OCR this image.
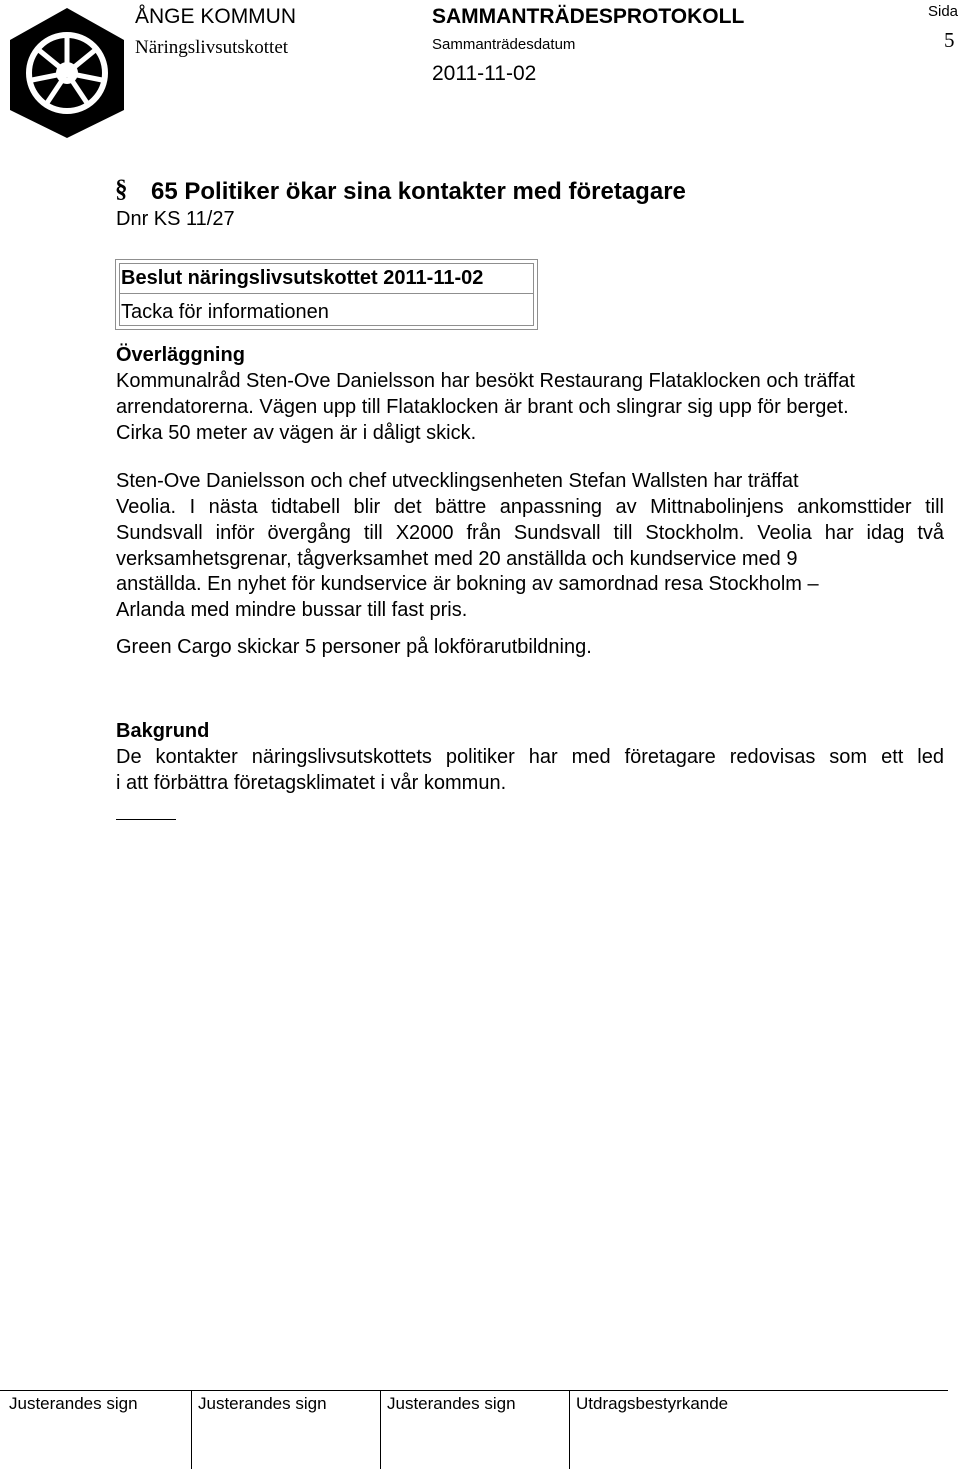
ÅNGE KOMMUN
Näringslivsutskottet
SAMMANTRÄDESPROTOKOLL
Sammanträdesdatum
2011-11-02
Sida
5
§ 65 Politiker ökar sina kontakter med företagare
Dnr KS 11/27
Beslut näringslivsutskottet 2011-11-02
Tacka för informationen
Överläggning
Kommunalråd Sten-Ove Danielsson har besökt Restaurang Flataklocken och träffat
arrendatorerna. Vägen upp till Flataklocken är brant och slingrar sig upp för berget.
Cirka 50 meter av vägen är i dåligt skick.
Sten-Ove Danielsson och chef utvecklingsenheten Stefan Wallsten har träffat
Veolia. I nästa tidtabell blir det bättre anpassning av Mittnabolinjens ankomsttider till
Sundsvall inför övergång till X2000 från Sundsvall till Stockholm. Veolia har idag två
verksamhetsgrenar, tågverksamhet med 20 anställda och kundservice med 9
anställda. En nyhet för kundservice är bokning av samordnad resa Stockholm –
Arlanda med mindre bussar till fast pris.
Green Cargo skickar 5 personer på lokförarutbildning.
Bakgrund
De kontakter näringslivsutskottets politiker har med företagare redovisas som ett led
i att förbättra företagsklimatet i vår kommun.
Justerandes sign	Justerandes sign	Justerandes sign	Utdragsbestyrkande
